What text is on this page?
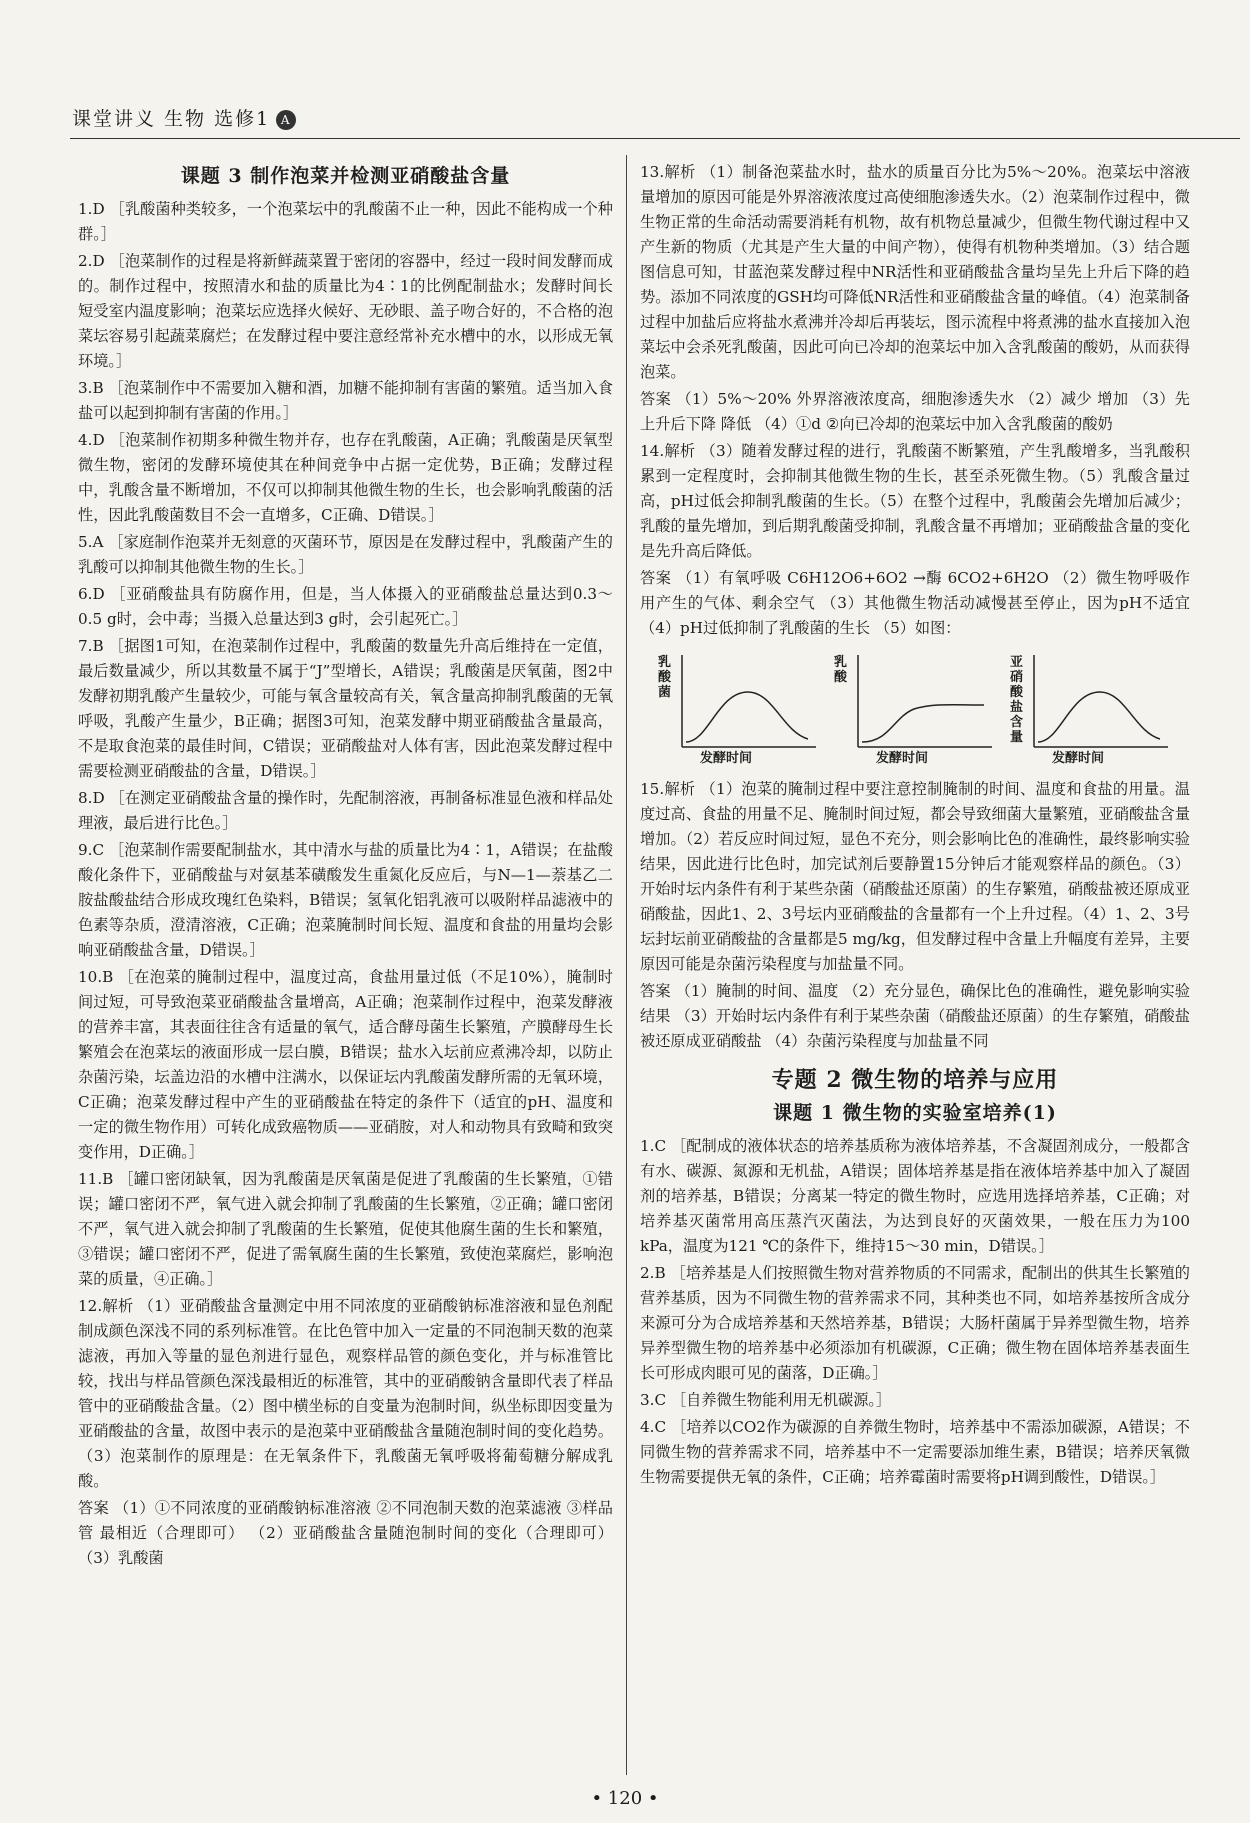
课堂讲义 生物 选修1 A
课题 3 制作泡菜并检测亚硝酸盐含量
1.D ［乳酸菌种类较多，一个泡菜坛中的乳酸菌不止一种，因此不能构成一个种群。］
2.D ［泡菜制作的过程是将新鲜蔬菜置于密闭的容器中，经过一段时间发酵而成的。制作过程中，按照清水和盐的质量比为4∶1的比例配制盐水；发酵时间长短受室内温度影响；泡菜坛应选择火候好、无砂眼、盖子吻合好的，不合格的泡菜坛容易引起蔬菜腐烂；在发酵过程中要注意经常补充水槽中的水，以形成无氧环境。］
3.B ［泡菜制作中不需要加入糖和酒，加糖不能抑制有害菌的繁殖。适当加入食盐可以起到抑制有害菌的作用。］
4.D ［泡菜制作初期多种微生物并存，也存在乳酸菌，A正确；乳酸菌是厌氧型微生物，密闭的发酵环境使其在种间竞争中占据一定优势，B正确；发酵过程中，乳酸含量不断增加，不仅可以抑制其他微生物的生长，也会影响乳酸菌的活性，因此乳酸菌数目不会一直增多，C正确、D错误。］
5.A ［家庭制作泡菜并无刻意的灭菌环节，原因是在发酵过程中，乳酸菌产生的乳酸可以抑制其他微生物的生长。］
6.D ［亚硝酸盐具有防腐作用，但是，当人体摄入的亚硝酸盐总量达到0.3～0.5 g时，会中毒；当摄入总量达到3 g时，会引起死亡。］
7.B ［据图1可知，在泡菜制作过程中，乳酸菌的数量先升高后维持在一定值，最后数量减少，所以其数量不属于“J”型增长，A错误；乳酸菌是厌氧菌，图2中发酵初期乳酸产生量较少，可能与氧含量较高有关，氧含量高抑制乳酸菌的无氧呼吸，乳酸产生量少，B正确；据图3可知，泡菜发酵中期亚硝酸盐含量最高，不是取食泡菜的最佳时间，C错误；亚硝酸盐对人体有害，因此泡菜发酵过程中需要检测亚硝酸盐的含量，D错误。］
8.D ［在测定亚硝酸盐含量的操作时，先配制溶液，再制备标准显色液和样品处理液，最后进行比色。］
9.C ［泡菜制作需要配制盐水，其中清水与盐的质量比为4∶1，A错误；在盐酸酸化条件下，亚硝酸盐与对氨基苯磺酸发生重氮化反应后，与N—1—萘基乙二胺盐酸盐结合形成玫瑰红色染料，B错误；氢氧化铝乳液可以吸附样品滤液中的色素等杂质，澄清溶液，C正确；泡菜腌制时间长短、温度和食盐的用量均会影响亚硝酸盐含量，D错误。］
10.B ［在泡菜的腌制过程中，温度过高，食盐用量过低（不足10%），腌制时间过短，可导致泡菜亚硝酸盐含量增高，A正确；泡菜制作过程中，泡菜发酵液的营养丰富，其表面往往含有适量的氧气，适合酵母菌生长繁殖，产膜酵母生长繁殖会在泡菜坛的液面形成一层白膜，B错误；盐水入坛前应煮沸冷却，以防止杂菌污染，坛盖边沿的水槽中注满水，以保证坛内乳酸菌发酵所需的无氧环境，C正确；泡菜发酵过程中产生的亚硝酸盐在特定的条件下（适宜的pH、温度和一定的微生物作用）可转化成致癌物质——亚硝胺，对人和动物具有致畸和致突变作用，D正确。］
11.B ［罐口密闭缺氧，因为乳酸菌是厌氧菌是促进了乳酸菌的生长繁殖，①错误；罐口密闭不严，氧气进入就会抑制了乳酸菌的生长繁殖，②正确；罐口密闭不严，氧气进入就会抑制了乳酸菌的生长繁殖，促使其他腐生菌的生长和繁殖，③错误；罐口密闭不严，促进了需氧腐生菌的生长繁殖，致使泡菜腐烂，影响泡菜的质量，④正确。］
12.解析 （1）亚硝酸盐含量测定中用不同浓度的亚硝酸钠标准溶液和显色剂配制成颜色深浅不同的系列标准管。在比色管中加入一定量的不同泡制天数的泡菜滤液，再加入等量的显色剂进行显色，观察样品管的颜色变化，并与标准管比较，找出与样品管颜色深浅最相近的标准管，其中的亚硝酸钠含量即代表了样品管中的亚硝酸盐含量。（2）图中横坐标的自变量为泡制时间，纵坐标即因变量为亚硝酸盐的含量，故图中表示的是泡菜中亚硝酸盐含量随泡制时间的变化趋势。（3）泡菜制作的原理是：在无氧条件下，乳酸菌无氧呼吸将葡萄糖分解成乳酸。
答案 （1）①不同浓度的亚硝酸钠标准溶液 ②不同泡制天数的泡菜滤液 ③样品管 最相近（合理即可） （2）亚硝酸盐含量随泡制时间的变化（合理即可） （3）乳酸菌
13.解析 （1）制备泡菜盐水时，盐水的质量百分比为5%～20%。泡菜坛中溶液量增加的原因可能是外界溶液浓度过高使细胞渗透失水。（2）泡菜制作过程中，微生物正常的生命活动需要消耗有机物，故有机物总量减少，但微生物代谢过程中又产生新的物质（尤其是产生大量的中间产物），使得有机物种类增加。（3）结合题图信息可知，甘蓝泡菜发酵过程中NR活性和亚硝酸盐含量均呈先上升后下降的趋势。添加不同浓度的GSH均可降低NR活性和亚硝酸盐含量的峰值。（4）泡菜制备过程中加盐后应将盐水煮沸并冷却后再装坛，图示流程中将煮沸的盐水直接加入泡菜坛中会杀死乳酸菌，因此可向已冷却的泡菜坛中加入含乳酸菌的酸奶，从而获得泡菜。
答案 （1）5%～20% 外界溶液浓度高，细胞渗透失水 （2）减少 增加 （3）先上升后下降 降低 （4）①d ②向已冷却的泡菜坛中加入含乳酸菌的酸奶
14.解析 （3）随着发酵过程的进行，乳酸菌不断繁殖，产生乳酸增多，当乳酸积累到一定程度时，会抑制其他微生物的生长，甚至杀死微生物。（5）乳酸含量过高，pH过低会抑制乳酸菌的生长。（5）在整个过程中，乳酸菌会先增加后减少；乳酸的量先增加，到后期乳酸菌受抑制，乳酸含量不再增加；亚硝酸盐含量的变化是先升高后降低。
答案 （1）有氧呼吸 C6H12O6+6O2 →酶 6CO2+6H2O （2）微生物呼吸作用产生的气体、剩余空气 （3）其他微生物活动减慢甚至停止，因为pH不适宜 （4）pH过低抑制了乳酸菌的生长 （5）如图：
乳酸菌
发酵时间
乳酸
发酵时间
亚硝酸盐含量
发酵时间
15.解析 （1）泡菜的腌制过程中要注意控制腌制的时间、温度和食盐的用量。温度过高、食盐的用量不足、腌制时间过短，都会导致细菌大量繁殖，亚硝酸盐含量增加。（2）若反应时间过短，显色不充分，则会影响比色的准确性，最终影响实验结果，因此进行比色时，加完试剂后要静置15分钟后才能观察样品的颜色。（3）开始时坛内条件有利于某些杂菌（硝酸盐还原菌）的生存繁殖，硝酸盐被还原成亚硝酸盐，因此1、2、3号坛内亚硝酸盐的含量都有一个上升过程。（4）1、2、3号坛封坛前亚硝酸盐的含量都是5 mg/kg，但发酵过程中含量上升幅度有差异，主要原因可能是杂菌污染程度与加盐量不同。
答案 （1）腌制的时间、温度 （2）充分显色，确保比色的准确性，避免影响实验结果 （3）开始时坛内条件有利于某些杂菌（硝酸盐还原菌）的生存繁殖，硝酸盐被还原成亚硝酸盐 （4）杂菌污染程度与加盐量不同
专题 2 微生物的培养与应用
课题 1 微生物的实验室培养(1)
1.C ［配制成的液体状态的培养基质称为液体培养基，不含凝固剂成分，一般都含有水、碳源、氮源和无机盐，A错误；固体培养基是指在液体培养基中加入了凝固剂的培养基，B错误；分离某一特定的微生物时，应选用选择培养基，C正确；对培养基灭菌常用高压蒸汽灭菌法，为达到良好的灭菌效果，一般在压力为100 kPa，温度为121 ℃的条件下，维持15～30 min，D错误。］
2.B ［培养基是人们按照微生物对营养物质的不同需求，配制出的供其生长繁殖的营养基质，因为不同微生物的营养需求不同，其种类也不同，如培养基按所含成分来源可分为合成培养基和天然培养基，B错误；大肠杆菌属于异养型微生物，培养异养型微生物的培养基中必须添加有机碳源，C正确；微生物在固体培养基表面生长可形成肉眼可见的菌落，D正确。］
3.C ［自养微生物能利用无机碳源。］
4.C ［培养以CO2作为碳源的自养微生物时，培养基中不需添加碳源，A错误；不同微生物的营养需求不同，培养基中不一定需要添加维生素，B错误；培养厌氧微生物需要提供无氧的条件，C正确；培养霉菌时需要将pH调到酸性，D错误。］
• 120 •
